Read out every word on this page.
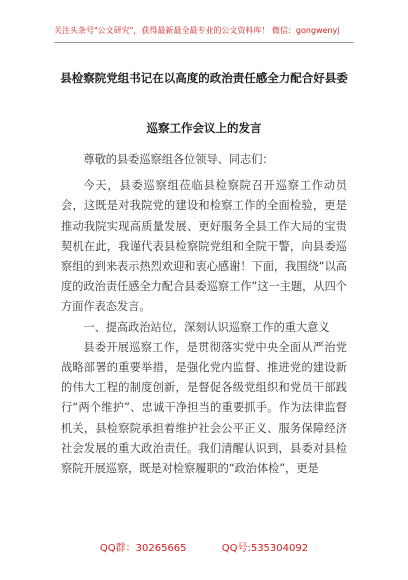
关注头条号"公文研究"，获得最新最全最专业的公文资料库！ 微信：gongwenyj
县检察院党组书记在以高度的政治责任感全力配合好县委
巡察工作会议上的发言

尊敬的县委巡察组各位领导、同志们：

今天，县委巡察组莅临县检察院召开巡察工作动员会，这既是对我院党的建设和检察工作的全面检验，更是推动我院实现高质量发展、更好服务全县工作大局的宝贵契机在此，我谨代表县检察院党组和全院干警，向县委巡察组的到来表示热烈欢迎和衷心感谢！下面，我围绕“以高度的政治责任感全力配合县委巡察工作”这一主题，从四个方面作表态发言。

一、提高政治站位，深刻认识巡察工作的重大意义

县委开展巡察工作，是贯彻落实党中央全面从严治党战略部署的重要举措，是强化党内监督、推进党的建设新的伟大工程的制度创新，是督促各级党组织和党员干部践行“两个维护”、忠诚干净担当的重要抓手。作为法律监督机关，县检察院承担着维护社会公平正义、服务保障经济社会发展的重大政治责任。我们清醒认识到，县委对县检察院开展巡察，既是对检察履职的“政治体检”，更是

QQ群：30265665	QQ号:535304092
